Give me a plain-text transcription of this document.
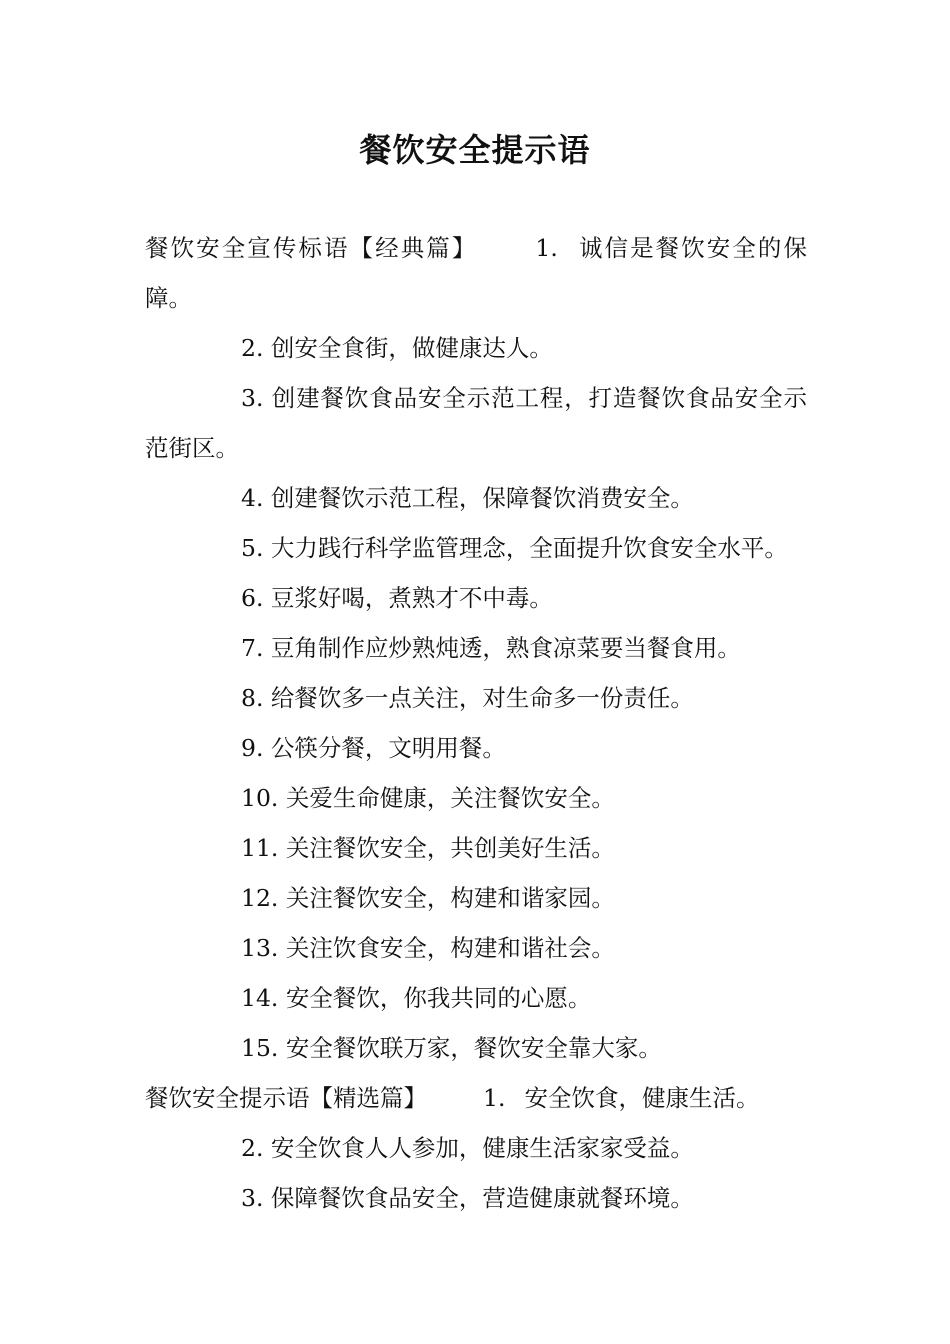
餐饮安全提示语

餐饮安全宣传标语【经典篇】 1. 诚信是餐饮安全的保障。

2. 创安全食街，做健康达人。

3. 创建餐饮食品安全示范工程，打造餐饮食品安全示范街区。

4. 创建餐饮示范工程，保障餐饮消费安全。

5. 大力践行科学监管理念，全面提升饮食安全水平。

6. 豆浆好喝，煮熟才不中毒。

7. 豆角制作应炒熟炖透，熟食凉菜要当餐食用。

8. 给餐饮多一点关注，对生命多一份责任。

9. 公筷分餐，文明用餐。

10. 关爱生命健康，关注餐饮安全。

11. 关注餐饮安全，共创美好生活。

12. 关注餐饮安全，构建和谐家园。

13. 关注饮食安全，构建和谐社会。

14. 安全餐饮，你我共同的心愿。

15. 安全餐饮联万家，餐饮安全靠大家。

餐饮安全提示语【精选篇】 1. 安全饮食，健康生活。

2. 安全饮食人人参加，健康生活家家受益。

3. 保障餐饮食品安全，营造健康就餐环境。
